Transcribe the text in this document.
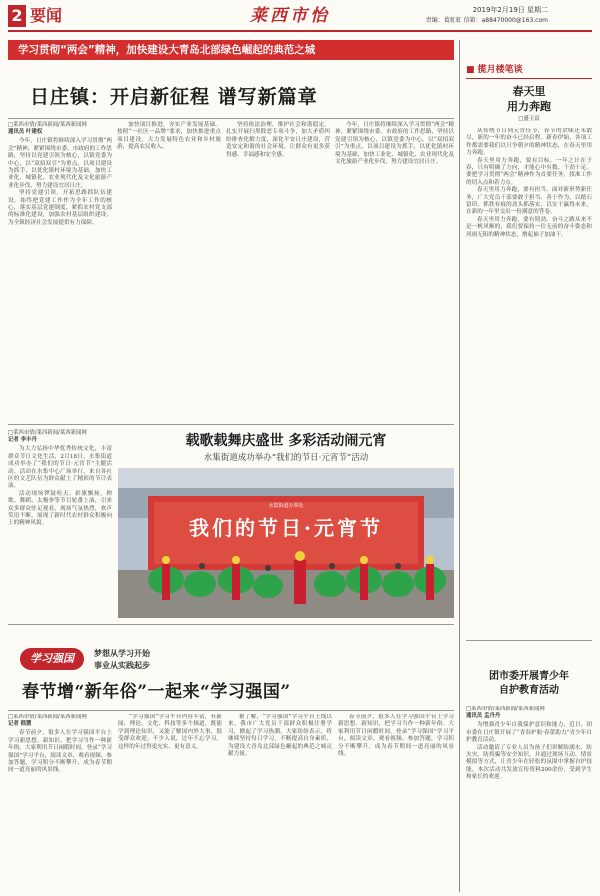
2 要闻	莱西市怡	2019年2月19日 星期二
责编：葛虹虹 信箱：a88470000@163.com
学习贯彻“两会”精神，加快建设大青岛北部绿色崛起的典范之城
日庄镇：开启新征程 谱写新篇章
□莱西市情/莱西新闻/莱西新闻网
通讯员 叶建权

今年，日庄镇将继续深入学习贯彻“两会”精神，紧紧围绕市委、市政府的工作思路，坚持以党建引领为核心，以镇党委为中心，以“双招双引”为重点，以项目建设为抓手，以优化镇村环境为基础，加快工业化、城镇化、农业现代化及文化旅游产业化步伐，努力建设宜居日庄。

坚持党建引领，开拓思路抓队伍建设。始终把党建工作作为全年工作的核心，落实基层党建制度，紧抓农村党支部的标准化建设，加强农村基层组织建设，为全镇经济社会发展提供有力保障。

加快项目推进，夯实产业发展基础。按照“一社区一品牌”要求，加快推进重点项目建设，大力发展特色农业和乡村旅游，提高农民收入。

坚持依法治理，维护社会和谐稳定。扎实开展扫黑除恶专项斗争，加大矛盾纠纷排查化解力度，深化平安日庄建设，营造安定和谐的社会环境，让群众有更多获得感、幸福感和安全感。

今年，日庄镇将继续深入学习贯彻“两会”精神，紧紧围绕市委、市政府的工作思路，坚持以党建引领为核心，以镇党委为中心，以“双招双引”为重点，以项目建设为抓手，以优化镇村环境为基础，加快工业化、城镇化、农业现代化及文化旅游产业化步伐，努力建设宜居日庄。

□莱西市情/莱西新闻/莱西新闻网
记者 李丰丹

为大力弘扬中华优秀传统文化，丰富群众节日文化生活，2月18日，水集街道成功举办了“我们的节日·元宵节”主题活动。活动在水集中心广场举行，来自各社区的文艺队伍为群众献上了精彩的节目表演。

活动现场锣鼓喧天、彩旗飘扬，秧歌、舞蹈、太极拳等节目轮番上演，引来众多群众驻足观看，现场气氛热烈，欢声笑语不断，展现了新时代农村群众积极向上的精神风貌。

载歌载舞庆盛世 多彩活动闹元宵
水集街道成功举办“我们的节日·元宵节”活动
水集街道办事处
我们的节日·元宵节
学习强国	梦想从学习开始
事业从实践起步
春节增“新年俗”一起来“学习强国”
□莱西市情/莱西新闻/莱西新闻网
记者 嵇慧

春节前夕，很多人在学习强国平台上学习新思想、新知识，把学习当作一种新年俗。大家利用节日闲暇时间，登录“学习强国”学习平台，阅读文章、观看视频、参加答题，学习积分不断攀升，成为春节期间一道亮丽的风景线。

“学习强国”学习平台内容丰富，有新闻、理论、文化、科技等多个频道，既能学到理论知识，又能了解国内外大事，很受群众欢迎。不少人说，过年不忘学习，这样的年过得更充实、更有意义。

据了解，“学习强国”学习平台上线以来，我市广大党员干部群众积极注册学习，掀起了学习热潮。大家纷纷表示，将继续坚持每日学习，不断提高自身素质，为建设大青岛北部绿色崛起的典范之城贡献力量。

春节前夕，很多人在学习强国平台上学习新思想、新知识，把学习当作一种新年俗。大家利用节日闲暇时间，登录“学习强国”学习平台，阅读文章、观看视频、参加答题，学习积分不断攀升，成为春节期间一道亮丽的风景线。

■ 揽月楼笔谈
春天里
用力奔跑
□盛玉富

从传统节日到元宵佳节，春节的余味还未散尽，新的一年的奋斗已经启程。新春伊始，各项工作都需要我们以只争朝夕的精神状态，在春天里用力奔跑。

春天里用力奔跑，要有目标。一年之计在于春，只有明确了方向，才能心中有数、干劲十足。要把学习贯彻“两会”精神作为首要任务，找准工作的切入点和着力点。

春天里用力奔跑，要有担当。面对新形势新任务，广大党员干部要敢于担当、善于作为，以踏石留印、抓铁有痕的劲头抓落实，以实干赢得未来，在新的一年里交出一份满意的答卷。

春天里用力奔跑，要有韧劲。奋斗之路从来不是一帆风顺的，我们要保持一往无前的奋斗姿态和风雨无阻的精神状态，撸起袖子加油干。

团市委开展青少年
自护教育活动
□莱西市情/莱西新闻/莱西新闻网
通讯员 孟丹丹

为增强青少年自我保护意识和能力，近日，团市委在日庄镇开展了“青春护航·春蕾助力”青少年自护教育活动。

活动邀请了专业人员为孩子们讲解防溺水、防火灾、防拐骗等安全知识，并通过现场互动、情景模拟等方式，让青少年在轻松的氛围中掌握自护技能。本次活动共发放宣传资料200余份，受到学生和家长的欢迎。
